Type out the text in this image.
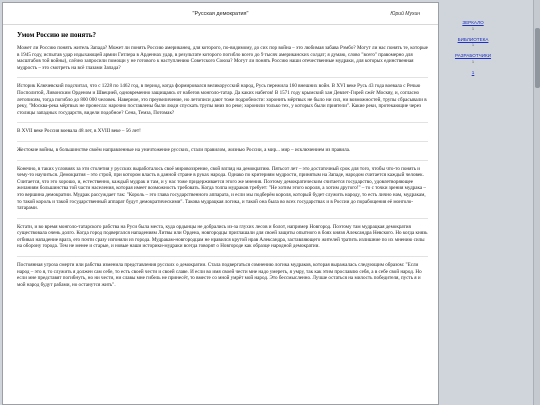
"Русская демократия"	Юрий Мухин
Умом Россию не понять?

Может ли Россию понять житель Запада? Может ли понять Россию американец, для которого, по-видимому, до сих пор война – это любимая забава Рэмбо? Могут ли нас понять те, которые в 1945 году, испытав удар издыхающей армии Гитлера в Арденнах удар, в результате которого погибло всего до 9 тысяч американских солдат; я думаю, слово "всего" правомерно для масштабов той войны), слёзно запросили помощи у не готового к наступлению Советского Союза? Могут ли понять Россию наши отечественные мудраки, для которых единственная мудрость – это смотреть на всё глазами Запада?

Историк Ключевский подсчитал, что с 1228 по 1462 год, в период, когда формировался великорусский народ, Русь пережила 160 внешних войн. В XVI веке Русь 43 года воевала с Речью Посполитой, Ливонским Орденом и Швецией, одновременно защищаясь от набегов монголо-татар. Да каких набегов! В 1571 году крымский хан Девлет-Гирей сжёг Москву, и, согласно летописям, тогда погибло до 800 000 человек. Наверное, это преувеличение, но летописи дают тоже подробности: хоронить мёртвых не было ни сил, ни возможностей, трупы сбрасывали в реку, "Москва-река мёртвых не пронесла: нарочно поставлены были люди спускать трупы вниз по реке; хоронили только тех, у которых были приятели". Какие реки, протекающие через столицы западных государств, видели подобное? Сена, Темза, Потомак?

В XVII веке Россия воевала 48 лет, в XVIII веке – 56 лет!

Жестокие войны, в большинстве своём направленные на уничтожение русских, стали правилом, жизнью России, а мир... мир – исключением из правила.

Конечно, в таких условиях за эти столетия у русских выработалось своё мировоззрение, свой взгляд на демократию. Пятьсот лет – это достаточный срок для того, чтобы что-то понять и чему-то научиться. Демократия – это строй, при котором власть в данной стране в руках народа. Однако по критериям мудрости, принятым на Западе, народом считается каждый человек. Считается, что это хорошо, и, естественно, каждый мудрак и там, и у нас тоже придерживается этого же мнения. Поэтому демократическим считается государство, удовлетворяющее желаниям большинства той части населения, которая имеет возможность требовать. Когда толпа мудраков требует: "Не хотим этого короля, а хотим другого!" – то с точки зрения мудрака – это вершина демократии. Мудрак рассуждает так: "Король – это глава государственного аппарата, и если мы подберём короля, который будет служить народу, то есть лично нам, мудракам, то такой король и такой государственный аппарат будут демократическими". Такова мудрацкая логика, и такой она была во всех государствах и в России до порабощения её монголо-татарами.

Кстати, и во время монголо-татарского рабства на Руси была места, куда ордынцы не добрались из-за глухих лесов и болот, например Новгород. Поэтому там мудрацкая демократия существовала очень долго. Когда город подвергался нападениям Литвы или Ордена, новгородцы приглашали для своей защиты опытного в боях князя Александра Невского. Но когда князь отбивал нападение врага, его почти сразу изгоняли из города. Мудракам-новгородцам не нравился крутой нрав Александра, заставляющего жителей тратить излишние по их мнению силы на оборону города. Тем не менее и старые, и новые наши историки-мудраки всегда говорят о Новгороде как образце народной демократии.

Постоянная угроза смерти или рабства изменила представления русских о демократии. Стала подвергаться сомнению логика мудраков, которая выражалась следующим образом: "Если народ – это я, то служить я должен сам себе, то есть своей чести и своей славе. И если во имя своей чести мне надо умереть, я умру, так как этим прославлю себя, а в себе свой народ. Но если мне представят погибнуть, но ни чести, ни славы мне гибель не принесёт, то вместе со мной умрёт мой народ. Это бессмысленно. Лучше остаться на милость победителя, пусть я и мой народ будут рабами, но останутся жить".

ЗЕРКАЛО
1
БИБЛИОТЕКА
1
РАЗРАБОТЧИКИ
1
1
